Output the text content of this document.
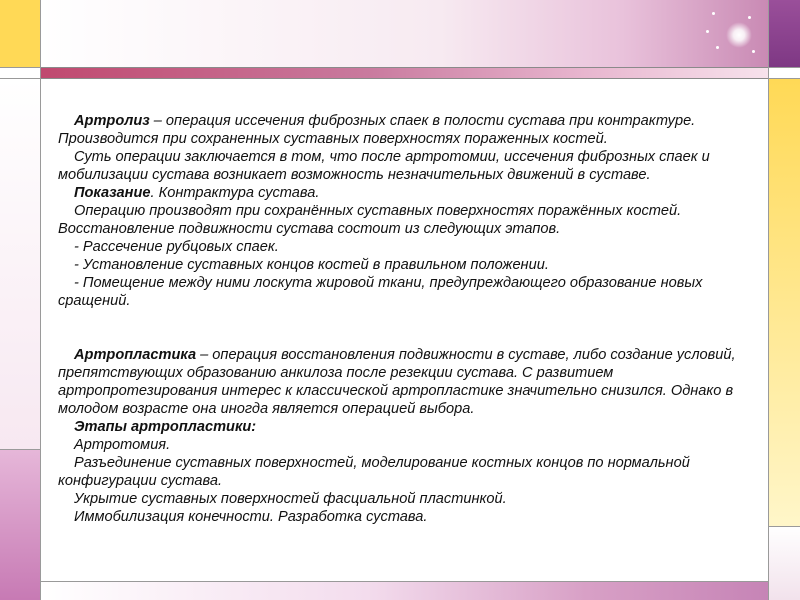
Артролиз – операция иссечения фиброзных спаек в полости сустава при контрактуре. Производится при сохраненных суставных поверхностях пораженных костей.

Суть операции заключается в том, что после артротомии, иссечения фиброзных спаек и мобилизации сустава возникает возможность незначительных движений в суставе.

Показание. Контрактура сустава.

Операцию производят при сохранённых суставных поверхностях поражённых костей. Восстановление подвижности сустава состоит из следующих этапов.

- Рассечение рубцовых спаек.

- Установление суставных концов костей в правильном положении.

- Помещение между ними лоскута жировой ткани, предупреждающего образование новых сращений.

Артропластика – операция восстановления подвижности в суставе, либо создание условий, препятствующих образованию анкилоза после резекции сустава. С развитием артропротезирования интерес к классической артропластике значительно снизился. Однако в молодом возрасте она иногда является операцией выбора.

Этапы артропластики:

Артротомия.

Разъединение суставных поверхностей, моделирование костных концов по нормальной конфигурации сустава.

Укрытие суставных поверхностей фасциальной пластинкой.

Иммобилизация конечности. Разработка сустава.
